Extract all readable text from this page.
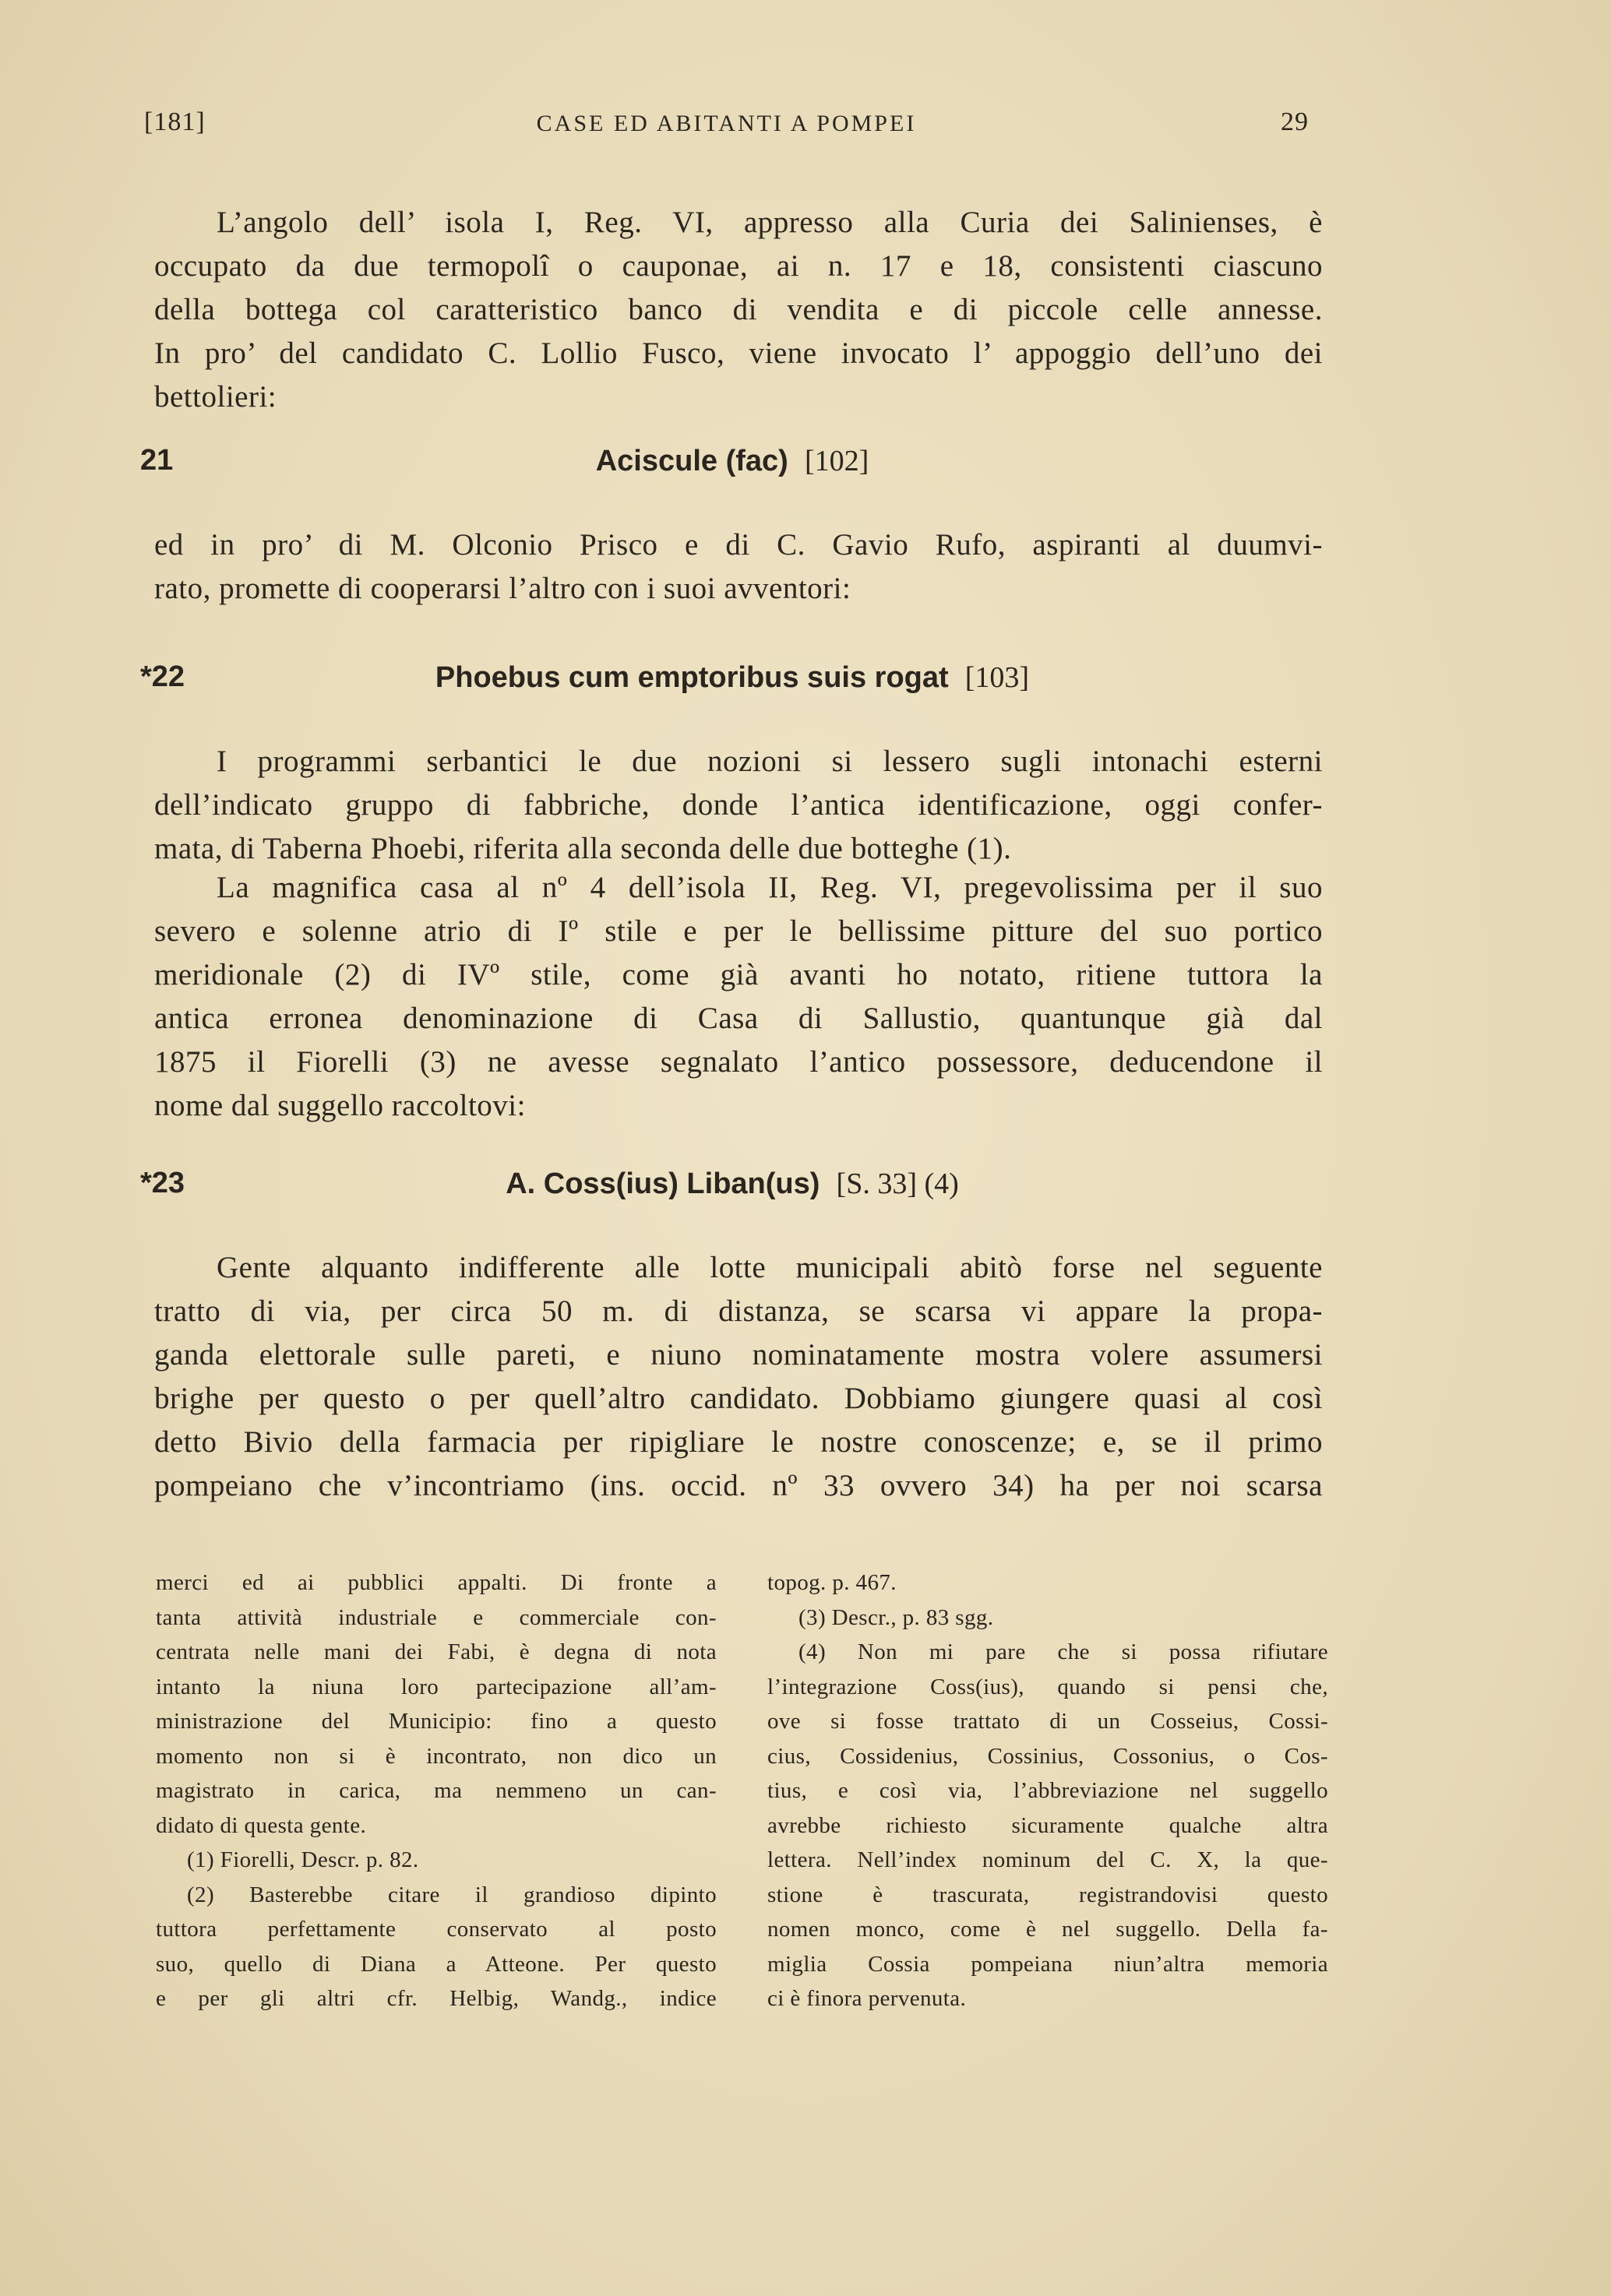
[181]	CASE ED ABITANTI A POMPEI	29
L’angolo dell’ isola I, Reg. VI, appresso alla Curia dei Salinienses, è
occupato da due termopolî o cauponae, ai n. 17 e 18, consistenti ciascuno
della bottega col caratteristico banco di vendita e di piccole celle annesse.
In pro’ del candidato C. Lollio Fusco, viene invocato l’ appoggio dell’uno dei
bettolieri:
21	Aciscule (fac) [102]
ed in pro’ di M. Olconio Prisco e di C. Gavio Rufo, aspiranti al duumvi-
rato, promette di cooperarsi l’altro con i suoi avventori:
*22	Phoebus cum emptoribus suis rogat [103]
I programmi serbantici le due nozioni si lessero sugli intonachi esterni
dell’indicato gruppo di fabbriche, donde l’antica identificazione, oggi confer-
mata, di Taberna Phoebi, riferita alla seconda delle due botteghe (1).
La magnifica casa al nº 4 dell’isola II, Reg. VI, pregevolissima per il suo
severo e solenne atrio di Iº stile e per le bellissime pitture del suo portico
meridionale (2) di IVº stile, come già avanti ho notato, ritiene tuttora la
antica erronea denominazione di Casa di Sallustio, quantunque già dal
1875 il Fiorelli (3) ne avesse segnalato l’antico possessore, deducendone il
nome dal suggello raccoltovi:
*23	A. Coss(ius) Liban(us) [S. 33] (4)
Gente alquanto indifferente alle lotte municipali abitò forse nel seguente
tratto di via, per circa 50 m. di distanza, se scarsa vi appare la propa-
ganda elettorale sulle pareti, e niuno nominatamente mostra volere assumersi
brighe per questo o per quell’altro candidato. Dobbiamo giungere quasi al così
detto Bivio della farmacia per ripigliare le nostre conoscenze; e, se il primo
pompeiano che v’incontriamo (ins. occid. nº 33 ovvero 34) ha per noi scarsa
merci ed ai pubblici appalti. Di fronte a
tanta attività industriale e commerciale con-
centrata nelle mani dei Fabi, è degna di nota
intanto la niuna loro partecipazione all’am-
ministrazione del Municipio: fino a questo
momento non si è incontrato, non dico un
magistrato in carica, ma nemmeno un can-
didato di questa gente.
(1) Fiorelli, Descr. p. 82.
(2) Basterebbe citare il grandioso dipinto
tuttora perfettamente conservato al posto
suo, quello di Diana a Atteone. Per questo
e per gli altri cfr. Helbig, Wandg., indice
topog. p. 467.
(3) Descr., p. 83 sgg.
(4) Non mi pare che si possa rifiutare
l’integrazione Coss(ius), quando si pensi che,
ove si fosse trattato di un Cosseius, Cossi-
cius, Cossidenius, Cossinius, Cossonius, o Cos-
tius, e così via, l’abbreviazione nel suggello
avrebbe richiesto sicuramente qualche altra
lettera. Nell’index nominum del C. X, la que-
stione è trascurata, registrandovisi questo
nomen monco, come è nel suggello. Della fa-
miglia Cossia pompeiana niun’altra memoria
ci è finora pervenuta.
